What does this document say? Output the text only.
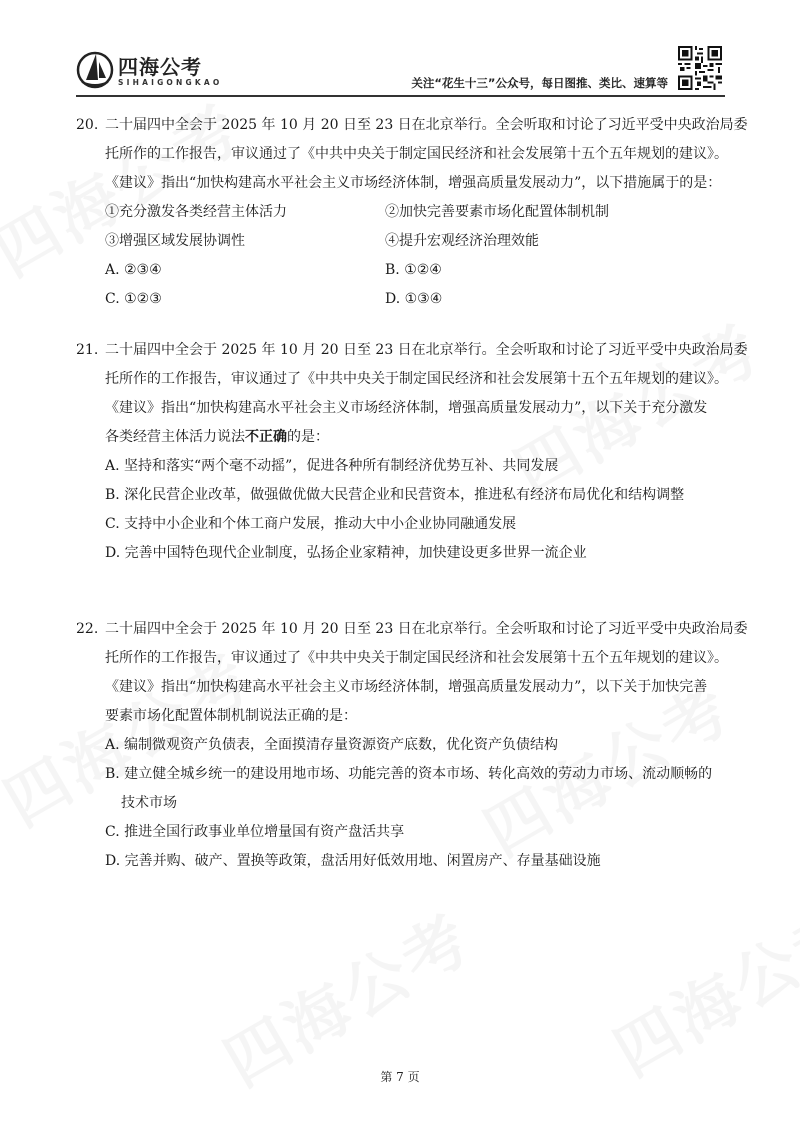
四海公考
SIHAIGONGKAO	关注“花生十三”公众号，每日图推、类比、速算等
20. 二十届四中全会于 2025 年 10 月 20 日至 23 日在北京举行。全会听取和讨论了习近平受中央政治局委
托所作的工作报告，审议通过了《中共中央关于制定国民经济和社会发展第十五个五年规划的建议》。
《建议》指出“加快构建高水平社会主义市场经济体制，增强高质量发展动力”，以下措施属于的是：
①充分激发各类经营主体活力	②加快完善要素市场化配置体制机制
③增强区域发展协调性	④提升宏观经济治理效能
A. ②③④	B. ①②④
C. ①②③	D. ①③④
21. 二十届四中全会于 2025 年 10 月 20 日至 23 日在北京举行。全会听取和讨论了习近平受中央政治局委
托所作的工作报告，审议通过了《中共中央关于制定国民经济和社会发展第十五个五年规划的建议》。
《建议》指出“加快构建高水平社会主义市场经济体制，增强高质量发展动力”，以下关于充分激发
各类经营主体活力说法不正确的是：
A. 坚持和落实“两个毫不动摇”，促进各种所有制经济优势互补、共同发展
B. 深化民营企业改革，做强做优做大民营企业和民营资本，推进私有经济布局优化和结构调整
C. 支持中小企业和个体工商户发展，推动大中小企业协同融通发展
D. 完善中国特色现代企业制度，弘扬企业家精神，加快建设更多世界一流企业
22. 二十届四中全会于 2025 年 10 月 20 日至 23 日在北京举行。全会听取和讨论了习近平受中央政治局委
托所作的工作报告，审议通过了《中共中央关于制定国民经济和社会发展第十五个五年规划的建议》。
《建议》指出“加快构建高水平社会主义市场经济体制，增强高质量发展动力”，以下关于加快完善
要素市场化配置体制机制说法正确的是：
A. 编制微观资产负债表，全面摸清存量资源资产底数，优化资产负债结构
B. 建立健全城乡统一的建设用地市场、功能完善的资本市场、转化高效的劳动力市场、流动顺畅的
技术市场
C. 推进全国行政事业单位增量国有资产盘活共享
D. 完善并购、破产、置换等政策，盘活用好低效用地、闲置房产、存量基础设施
第 7 页
